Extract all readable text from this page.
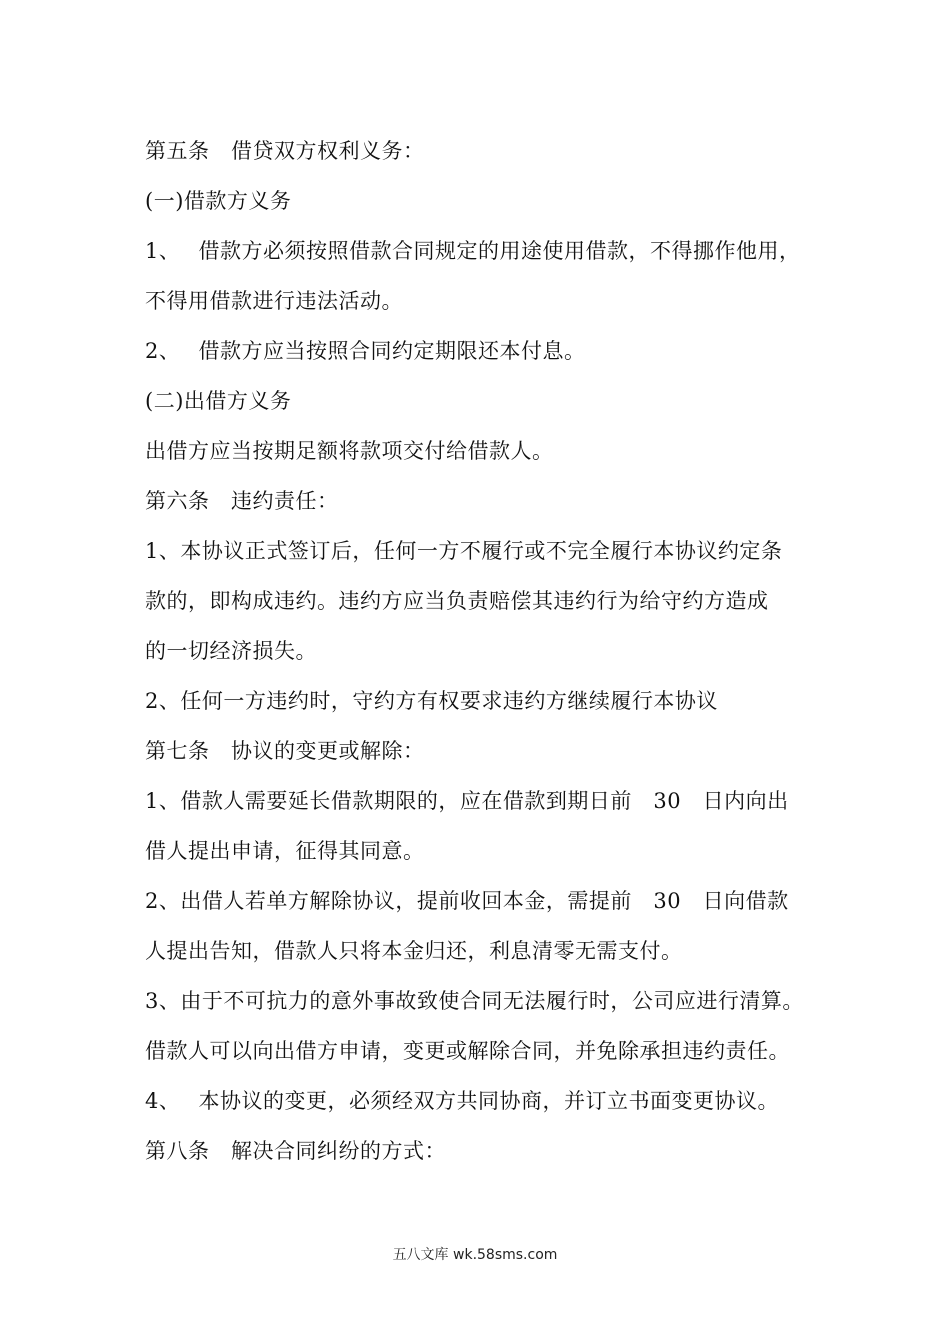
第五条　借贷双方权利义务：
(一)借款方义务
1、　 借款方必须按照借款合同规定的用途使用借款，不得挪作他用，
不得用借款进行违法活动。
2、　 借款方应当按照合同约定期限还本付息。
(二)出借方义务
出借方应当按期足额将款项交付给借款人。
第六条　违约责任：
1、本协议正式签订后，任何一方不履行或不完全履行本协议约定条
款的，即构成违约。违约方应当负责赔偿其违约行为给守约方造成
的一切经济损失。
2、任何一方违约时，守约方有权要求违约方继续履行本协议
第七条　协议的变更或解除：
1、借款人需要延长借款期限的，应在借款到期日前　30　日内向出
借人提出申请，征得其同意。
2、出借人若单方解除协议，提前收回本金，需提前　30　日向借款
人提出告知，借款人只将本金归还，利息清零无需支付。
3、由于不可抗力的意外事故致使合同无法履行时，公司应进行清算。
借款人可以向出借方申请，变更或解除合同，并免除承担违约责任。
4、　 本协议的变更，必须经双方共同协商，并订立书面变更协议。
第八条　解决合同纠纷的方式：
五八文库 wk.58sms.com
